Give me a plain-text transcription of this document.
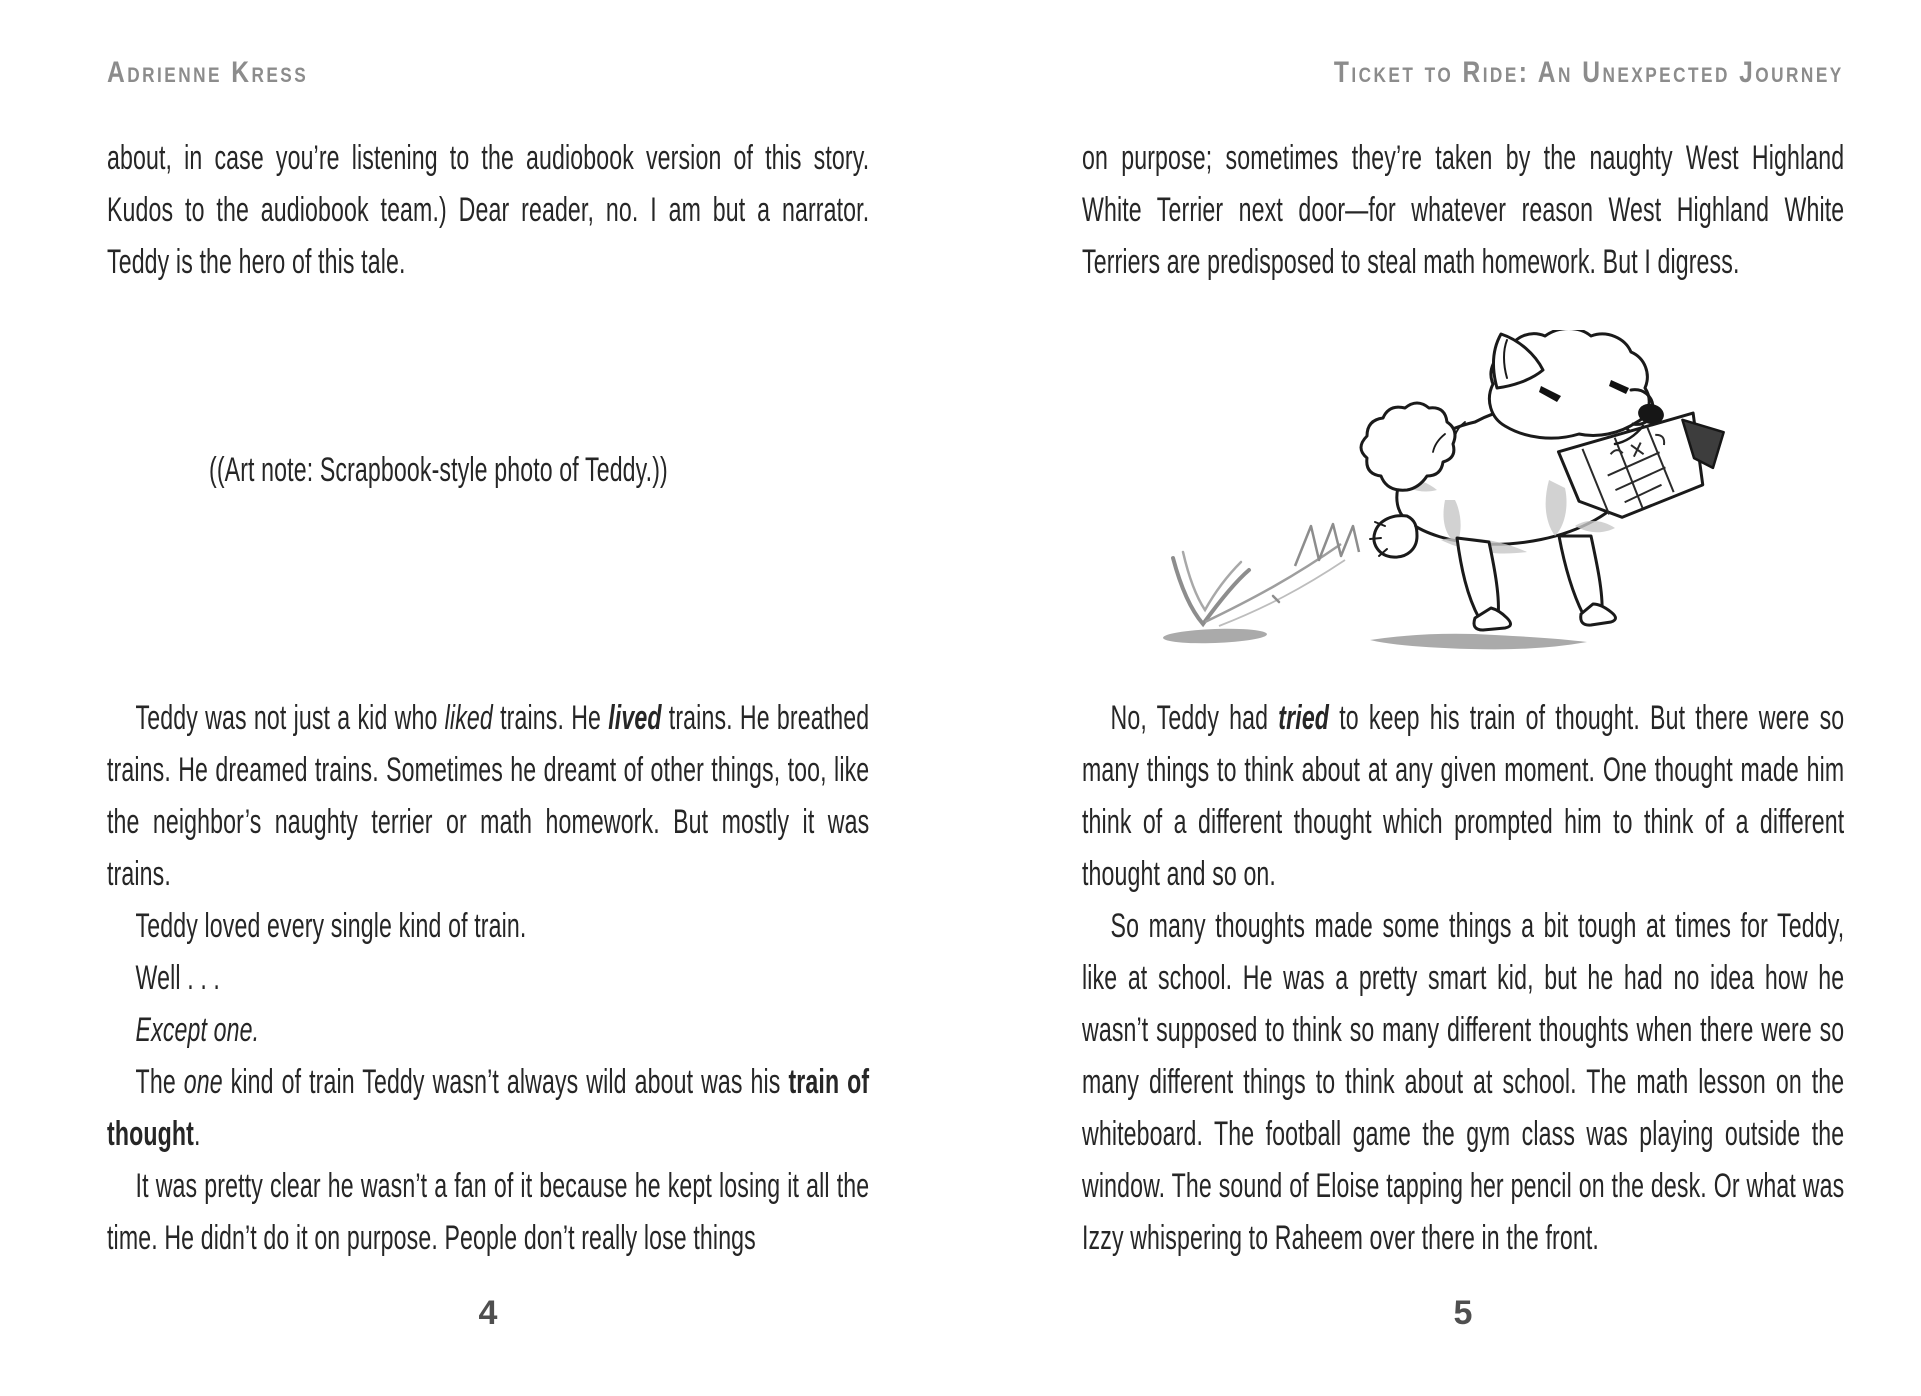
Adrienne Kress

about, in case you’re listening to the audiobook version of this story. Kudos to the audiobook team.) Dear reader, no. I am but a narrator. Teddy is the hero of this tale.

((Art note: Scrapbook-style photo of Teddy.))

Teddy was not just a kid who liked trains. He lived trains. He breathed trains. He dreamed trains. Sometimes he dreamt of other things, too, like the neighbor’s naughty terrier or math homework. But mostly it was trains.

Teddy loved every single kind of train.

Well . . .

Except one.

The one kind of train Teddy wasn’t always wild about was his train of thought.

It was pretty clear he wasn’t a fan of it because he kept losing it all the time. He didn’t do it on purpose. People don’t really lose things

4
Ticket to Ride: An Unexpected Journey

on purpose; sometimes they’re taken by the naughty West Highland White Terrier next door—for whatever reason West Highland White Terriers are predisposed to steal math homework. But I digress.

No, Teddy had tried to keep his train of thought. But there were so many things to think about at any given moment. One thought made him think of a different thought which prompted him to think of a different thought and so on.

So many thoughts made some things a bit tough at times for Teddy, like at school. He was a pretty smart kid, but he had no idea how he wasn’t supposed to think so many different thoughts when there were so many different things to think about at school. The math lesson on the whiteboard. The football game the gym class was playing outside the window. The sound of Eloise tapping her pencil on the desk. Or what was Izzy whispering to Raheem over there in the front.

5
